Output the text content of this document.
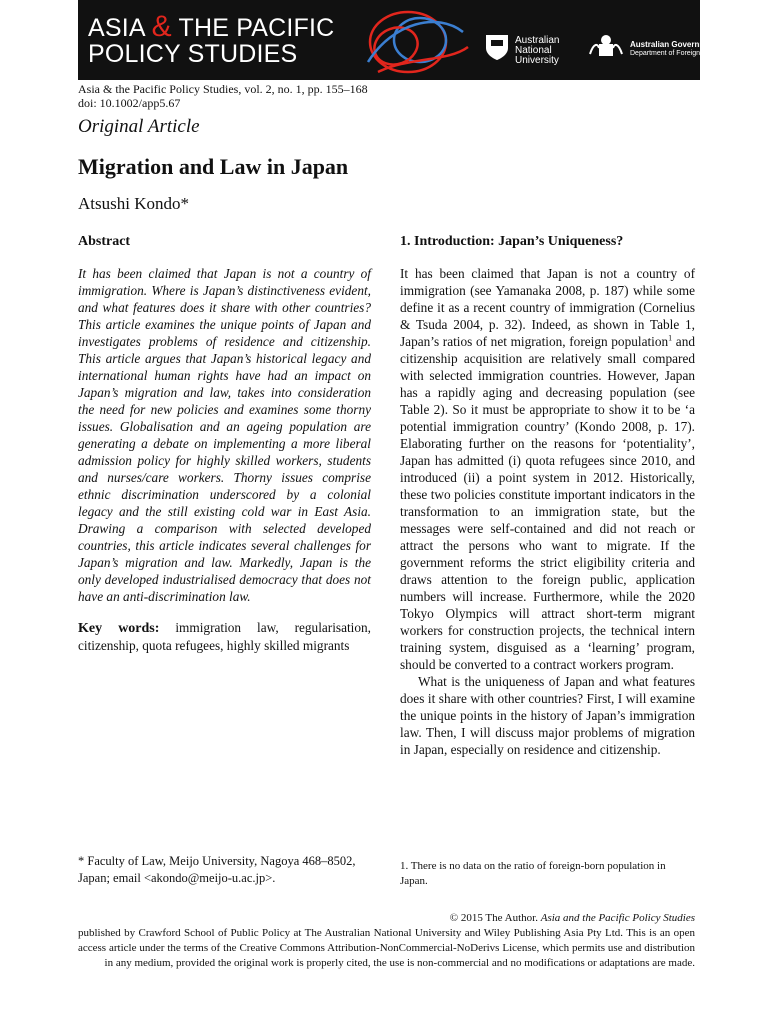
ASIA & THE PACIFIC
POLICY STUDIES	Australian
National
University
Australian Government
Department of Foreign Affairs and Trade
Asia & the Pacific Policy Studies, vol. 2, no. 1, pp. 155–168
doi: 10.1002/app5.67
Original Article
Migration and Law in Japan
Atsushi Kondo*
Abstract

It has been claimed that Japan is not a country of immigration. Where is Japan’s distinctiveness evident, and what features does it share with other countries? This article examines the unique points of Japan and investigates problems of residence and citizenship. This article argues that Japan’s historical legacy and international human rights have had an impact on Japan’s migration and law, takes into consideration the need for new policies and examines some thorny issues. Globalisation and an ageing population are generating a debate on implementing a more liberal admission policy for highly skilled workers, students and nurses/care workers. Thorny issues comprise ethnic discrimination underscored by a colonial legacy and the still existing cold war in East Asia. Drawing a comparison with selected developed countries, this article indicates several challenges for Japan’s migration and law. Markedly, Japan is the only developed industrialised democracy that does not have an anti-discrimination law.

Key words: immigration law, regularisation, citizenship, quota refugees, highly skilled migrants
1. Introduction: Japan’s Uniqueness?

It has been claimed that Japan is not a country of immigration (see Yamanaka 2008, p. 187) while some define it as a recent country of immigration (Cornelius & Tsuda 2004, p. 32). Indeed, as shown in Table 1, Japan’s ratios of net migration, foreign population$^1$ and citizenship acquisition are relatively small compared with selected immigration countries. However, Japan has a rapidly aging and decreasing population (see Table 2). So it must be appropriate to show it to be ‘a potential immigration country’ (Kondo 2008, p. 17). Elaborating further on the reasons for ‘potentiality’, Japan has admitted (i) quota refugees since 2010, and introduced (ii) a point system in 2012. Historically, these two policies constitute important indicators in the transformation to an immigration state, but the messages were self-contained and did not reach or attract the persons who want to migrate. If the government reforms the strict eligibility criteria and draws attention to the foreign public, application numbers will increase. Furthermore, while the 2020 Tokyo Olympics will attract short-term migrant workers for construction projects, the technical intern training system, disguised as a ‘learning’ program, should be converted to a contract workers program.

What is the uniqueness of Japan and what features does it share with other countries? First, I will examine the unique points in the history of Japan’s immigration law. Then, I will discuss major problems of migration in Japan, especially on residence and citizenship.

* Faculty of Law, Meijo University, Nagoya 468–8502, Japan; email <akondo@meijo-u.ac.jp>.
1. There is no data on the ratio of foreign-born population in Japan.
© 2015 The Author. Asia and the Pacific Policy Studies
published by Crawford School of Public Policy at The Australian National University and Wiley Publishing Asia Pty Ltd. This is an open access article under the terms of the Creative Commons Attribution-NonCommercial-NoDerivs License, which permits use and distribution in any medium, provided the original work is properly cited, the use is non-commercial and no modifications or adaptations are made.
